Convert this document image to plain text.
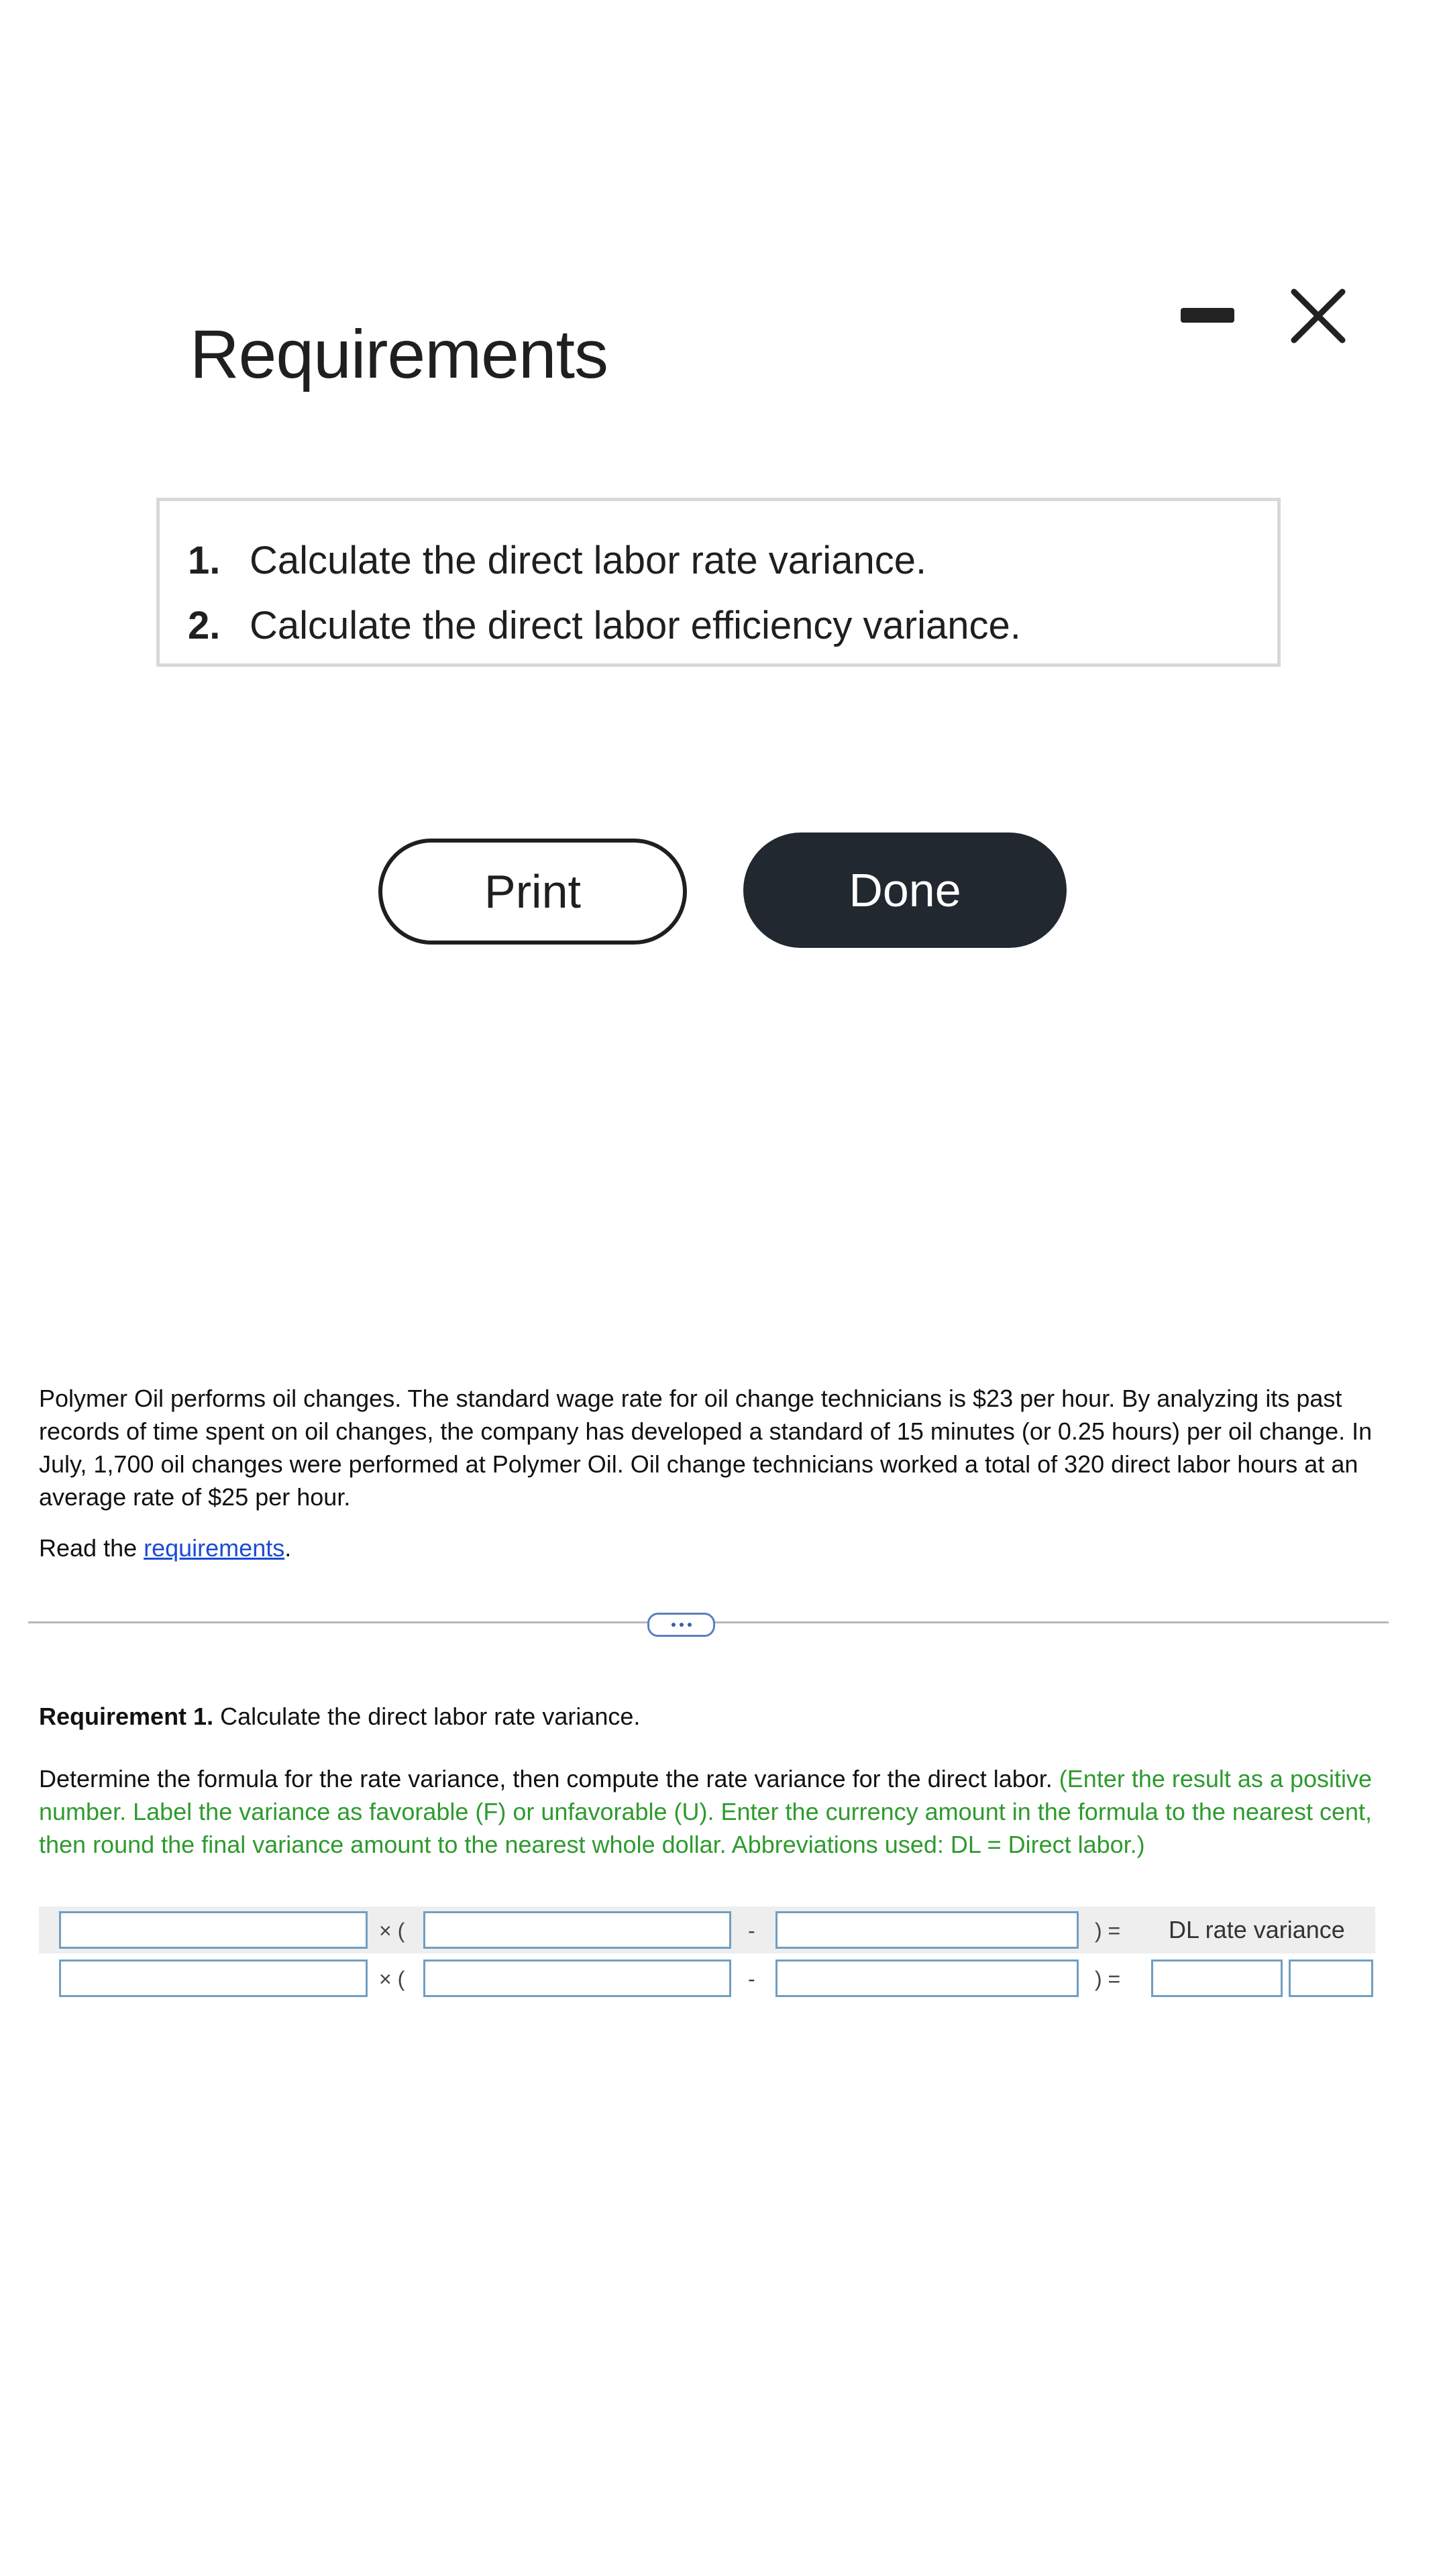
Requirements
1. Calculate the direct labor rate variance.
2. Calculate the direct labor efficiency variance.
Print	Done
Polymer Oil performs oil changes. The standard wage rate for oil change technicians is $23 per hour. By analyzing its past records of time spent on oil changes, the company has developed a standard of 15 minutes (or 0.25 hours) per oil change. In July, 1,700 oil changes were performed at Polymer Oil. Oil change technicians worked a total of 320 direct labor hours at an average rate of $25 per hour.
Read the requirements.
Requirement 1. Calculate the direct labor rate variance.
Determine the formula for the rate variance, then compute the rate variance for the direct labor. (Enter the result as a positive number. Label the variance as favorable (F) or unfavorable (U). Enter the currency amount in the formula to the nearest cent, then round the final variance amount to the nearest whole dollar. Abbreviations used: DL = Direct labor.)
× (	-	) = DL rate variance
× (	-	) =
